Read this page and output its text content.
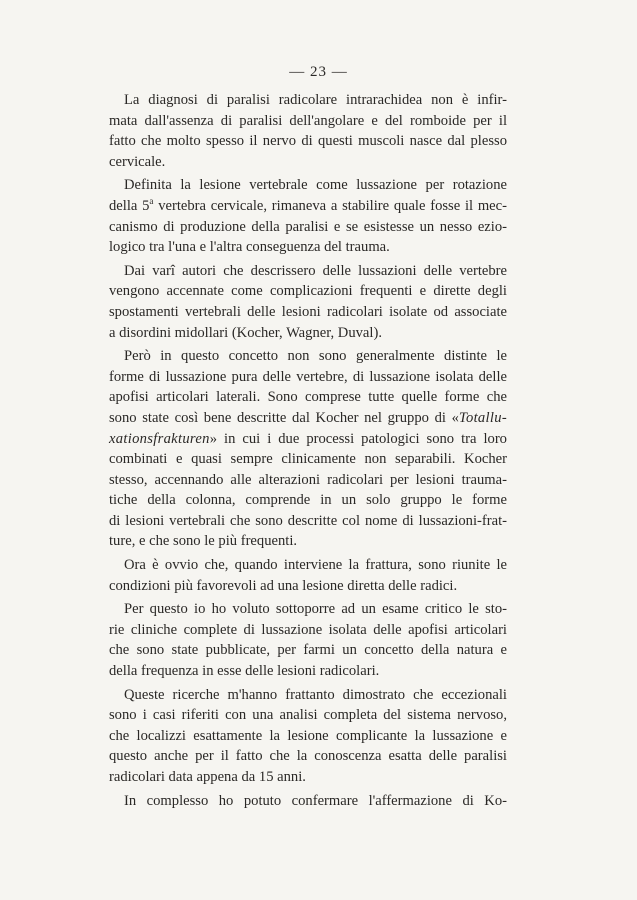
— 23 —
La diagnosi di paralisi radicolare intrarachidea non è infir-
mata dall'assenza di paralisi dell'angolare e del romboide per il
fatto che molto spesso il nervo di questi muscoli nasce dal plesso
cervicale.
Definita la lesione vertebrale come lussazione per rotazione
della 5$^a$ vertebra cervicale, rimaneva a stabilire quale fosse il mec-
canismo di produzione della paralisi e se esistesse un nesso ezio-
logico tra l'una e l'altra conseguenza del trauma.
Dai varî autori che descrissero delle lussazioni delle vertebre
vengono accennate come complicazioni frequenti e dirette degli
spostamenti vertebrali delle lesioni radicolari isolate od associate
a disordini midollari (Kocher, Wagner, Duval).
Però in questo concetto non sono generalmente distinte le
forme di lussazione pura delle vertebre, di lussazione isolata delle
apofisi articolari laterali. Sono comprese tutte quelle forme che
sono state così bene descritte dal Kocher nel gruppo di «Totallu-
xationsfrakturen» in cui i due processi patologici sono tra loro
combinati e quasi sempre clinicamente non separabili. Kocher
stesso, accennando alle alterazioni radicolari per lesioni trauma-
tiche della colonna, comprende in un solo gruppo le forme
di lesioni vertebrali che sono descritte col nome di lussazioni-frat-
ture, e che sono le più frequenti.
Ora è ovvio che, quando interviene la frattura, sono riunite le
condizioni più favorevoli ad una lesione diretta delle radici.
Per questo io ho voluto sottoporre ad un esame critico le sto-
rie cliniche complete di lussazione isolata delle apofisi articolari
che sono state pubblicate, per farmi un concetto della natura e
della frequenza in esse delle lesioni radicolari.
Queste ricerche m'hanno frattanto dimostrato che eccezionali
sono i casi riferiti con una analisi completa del sistema nervoso,
che localizzi esattamente la lesione complicante la lussazione e
questo anche per il fatto che la conoscenza esatta delle paralisi
radicolari data appena da 15 anni.
In complesso ho potuto confermare l'affermazione di Ko-
